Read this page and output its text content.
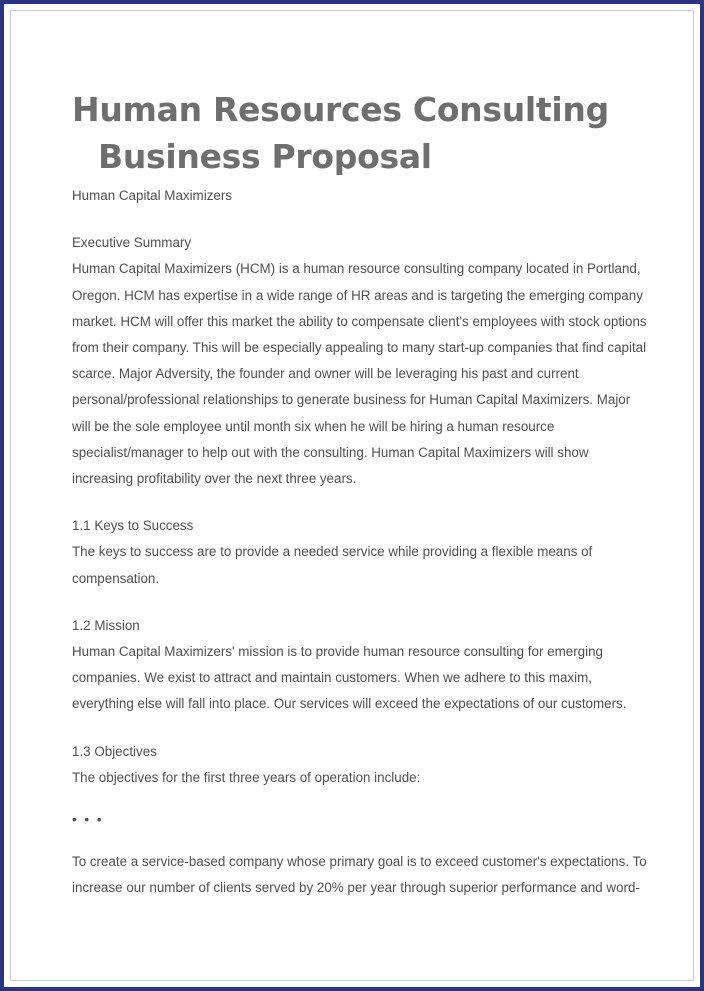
Human Resources Consulting
Business Proposal

Human Capital Maximizers

Executive Summary

Human Capital Maximizers (HCM) is a human resource consulting company located in Portland, Oregon. HCM has expertise in a wide range of HR areas and is targeting the emerging company market. HCM will offer this market the ability to compensate client's employees with stock options from their company. This will be especially appealing to many start-up companies that find capital scarce. Major Adversity, the founder and owner will be leveraging his past and current personal/professional relationships to generate business for Human Capital Maximizers. Major will be the sole employee until month six when he will be hiring a human resource specialist/manager to help out with the consulting. Human Capital Maximizers will show increasing profitability over the next three years.

1.1 Keys to Success

The keys to success are to provide a needed service while providing a flexible means of compensation.

1.2 Mission

Human Capital Maximizers' mission is to provide human resource consulting for emerging companies. We exist to attract and maintain customers. When we adhere to this maxim, everything else will fall into place. Our services will exceed the expectations of our customers.

1.3 Objectives

The objectives for the first three years of operation include:

• • •

To create a service-based company whose primary goal is to exceed customer's expectations. To increase our number of clients served by 20% per year through superior performance and word-
